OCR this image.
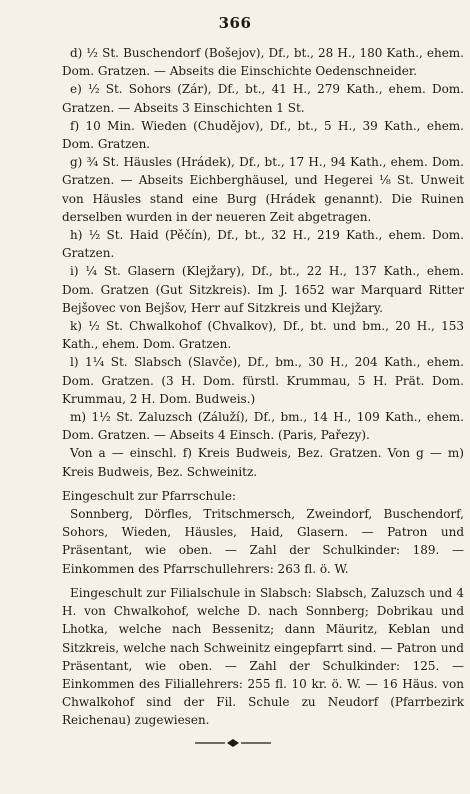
366

d) ½ St. Buschendorf (Bošejov), Df., bt., 28 H., 180 Kath., ehem. Dom. Gratzen. — Abseits die Einschichte Oedenschneider.

e) ½ St. Sohors (Zár), Df., bt., 41 H., 279 Kath., ehem. Dom. Gratzen. — Abseits 3 Einschichten 1 St.

f) 10 Min. Wieden (Chudějov), Df., bt., 5 H., 39 Kath., ehem. Dom. Gratzen.

g) ¾ St. Häusles (Hrádek), Df., bt., 17 H., 94 Kath., ehem. Dom. Gratzen. — Abseits Eichberghäusel, und Hegerei ⅛ St. Unweit von Häusles stand eine Burg (Hrádek genannt). Die Ruinen derselben wurden in der neueren Zeit abgetragen.

h) ½ St. Haid (Pěčín), Df., bt., 32 H., 219 Kath., ehem. Dom. Gratzen.

i) ¼ St. Glasern (Klejžary), Df., bt., 22 H., 137 Kath., ehem. Dom. Gratzen (Gut Sitzkreis). Im J. 1652 war Marquard Ritter Bejšovec von Bejšov, Herr auf Sitzkreis und Klejžary.

k) ½ St. Chwalkohof (Chvalkov), Df., bt. und bm., 20 H., 153 Kath., ehem. Dom. Gratzen.

l) 1¼ St. Slabsch (Slavče), Df., bm., 30 H., 204 Kath., ehem. Dom. Gratzen. (3 H. Dom. fürstl. Krummau, 5 H. Prät. Dom. Krummau, 2 H. Dom. Budweis.)

m) 1½ St. Zaluzsch (Záluží), Df., bm., 14 H., 109 Kath., ehem. Dom. Gratzen. — Abseits 4 Einsch. (Paris, Pařezy).

Von a — einschl. f) Kreis Budweis, Bez. Gratzen. Von g — m) Kreis Budweis, Bez. Schweinitz.

Eingeschult zur Pfarrschule:

Sonnberg, Dörfles, Tritschmersch, Zweindorf, Buschendorf, Sohors, Wieden, Häusles, Haid, Glasern. — Patron und Präsentant, wie oben. — Zahl der Schulkinder: 189. — Einkommen des Pfarrschullehrers: 263 fl. ö. W.

Eingeschult zur Filialschule in Slabsch: Slabsch, Zaluzsch und 4 H. von Chwalkohof, welche D. nach Sonnberg; Dobrikau und Lhotka, welche nach Bessenitz; dann Mäuritz, Keblan und Sitzkreis, welche nach Schweinitz eingepfarrt sind. — Patron und Präsentant, wie oben. — Zahl der Schulkinder: 125. — Einkommen des Filiallehrers: 255 fl. 10 kr. ö. W. — 16 Häus. von Chwalkohof sind der Fil. Schule zu Neudorf (Pfarrbezirk Reichenau) zugewiesen.
